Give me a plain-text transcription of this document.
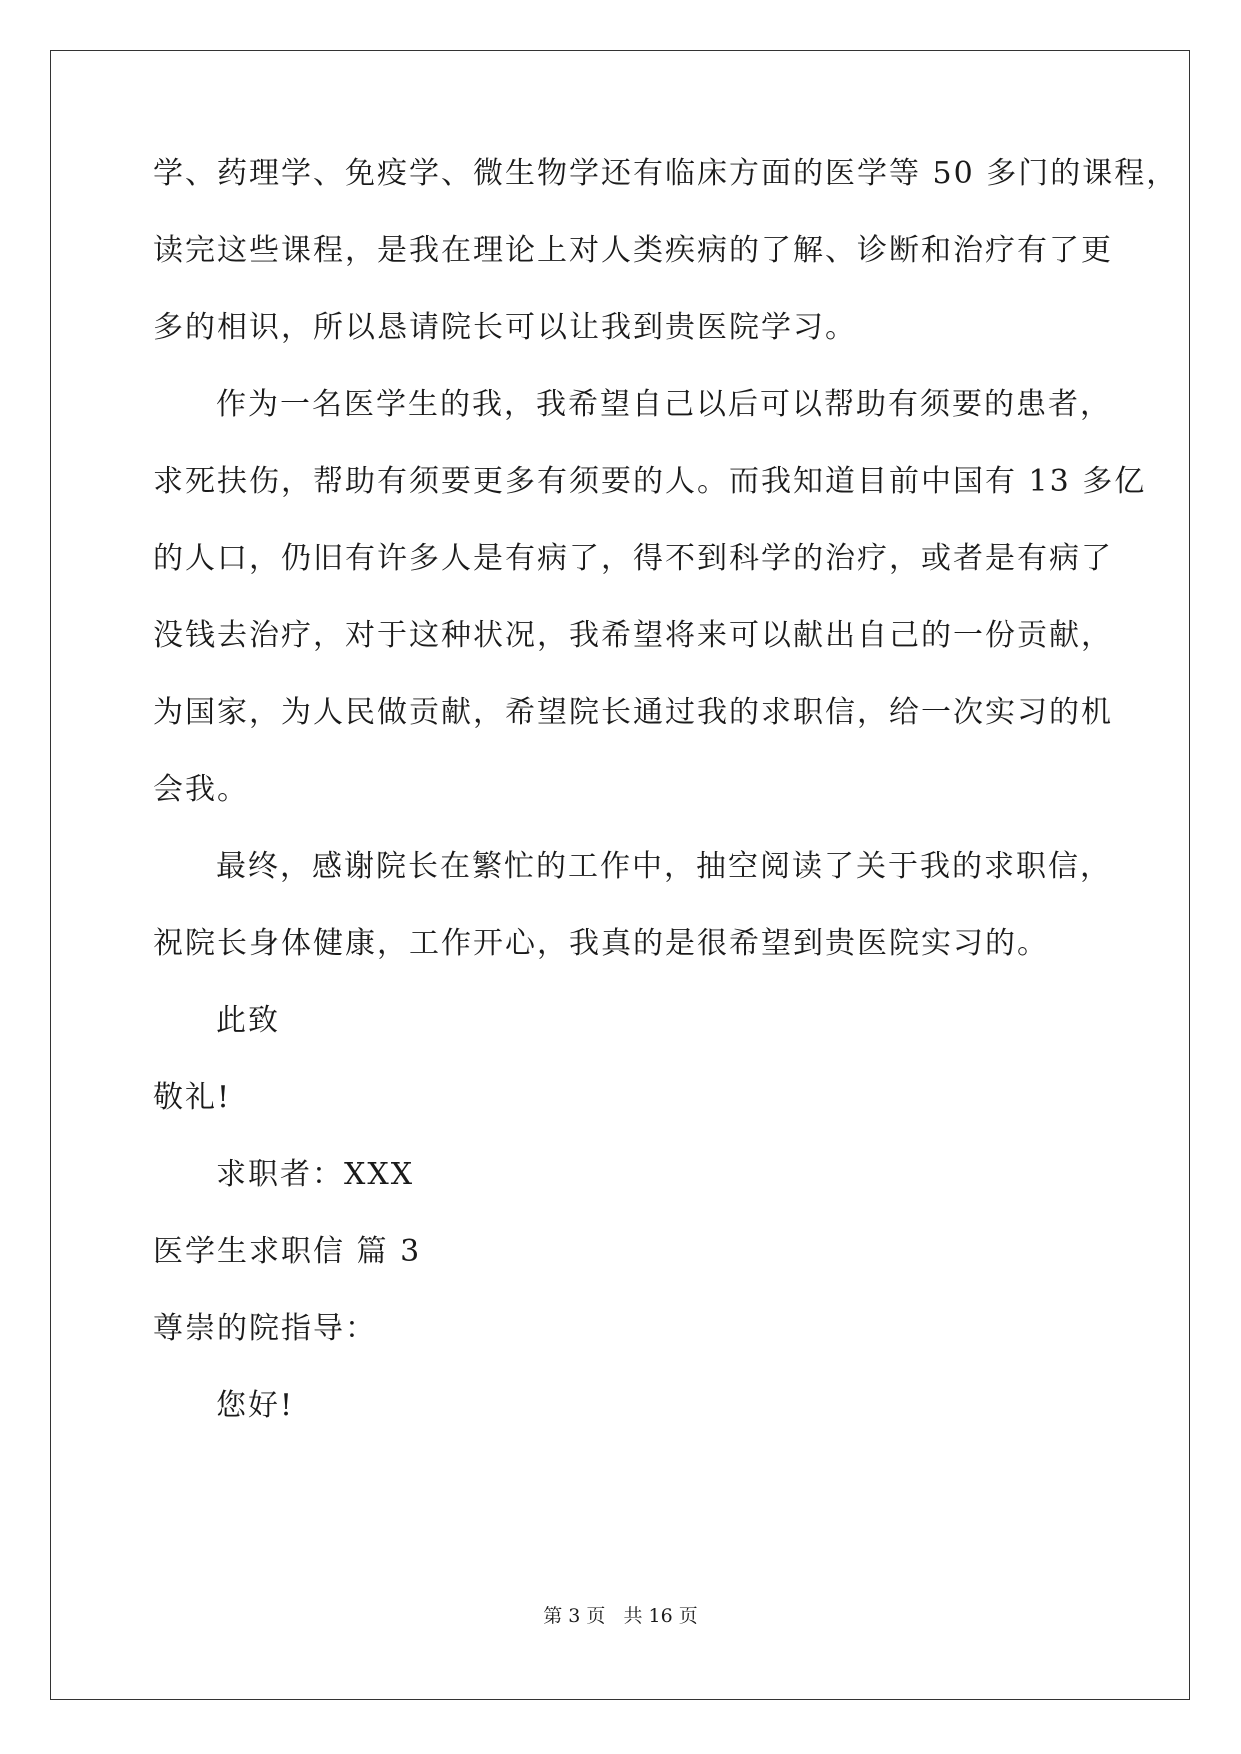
学、药理学、免疫学、微生物学还有临床方面的医学等 50 多门的课程，
读完这些课程，是我在理论上对人类疾病的了解、诊断和治疗有了更
多的相识，所以恳请院长可以让我到贵医院学习。
作为一名医学生的我，我希望自己以后可以帮助有须要的患者，
求死扶伤，帮助有须要更多有须要的人。而我知道目前中国有 13 多亿
的人口，仍旧有许多人是有病了，得不到科学的治疗，或者是有病了
没钱去治疗，对于这种状况，我希望将来可以献出自己的一份贡献，
为国家，为人民做贡献，希望院长通过我的求职信，给一次实习的机
会我。
最终，感谢院长在繁忙的工作中，抽空阅读了关于我的求职信，
祝院长身体健康，工作开心，我真的是很希望到贵医院实习的。
此致
敬礼!
求职者：XXX
医学生求职信 篇 3
尊崇的院指导：
您好!
第 3 页   共 16 页
